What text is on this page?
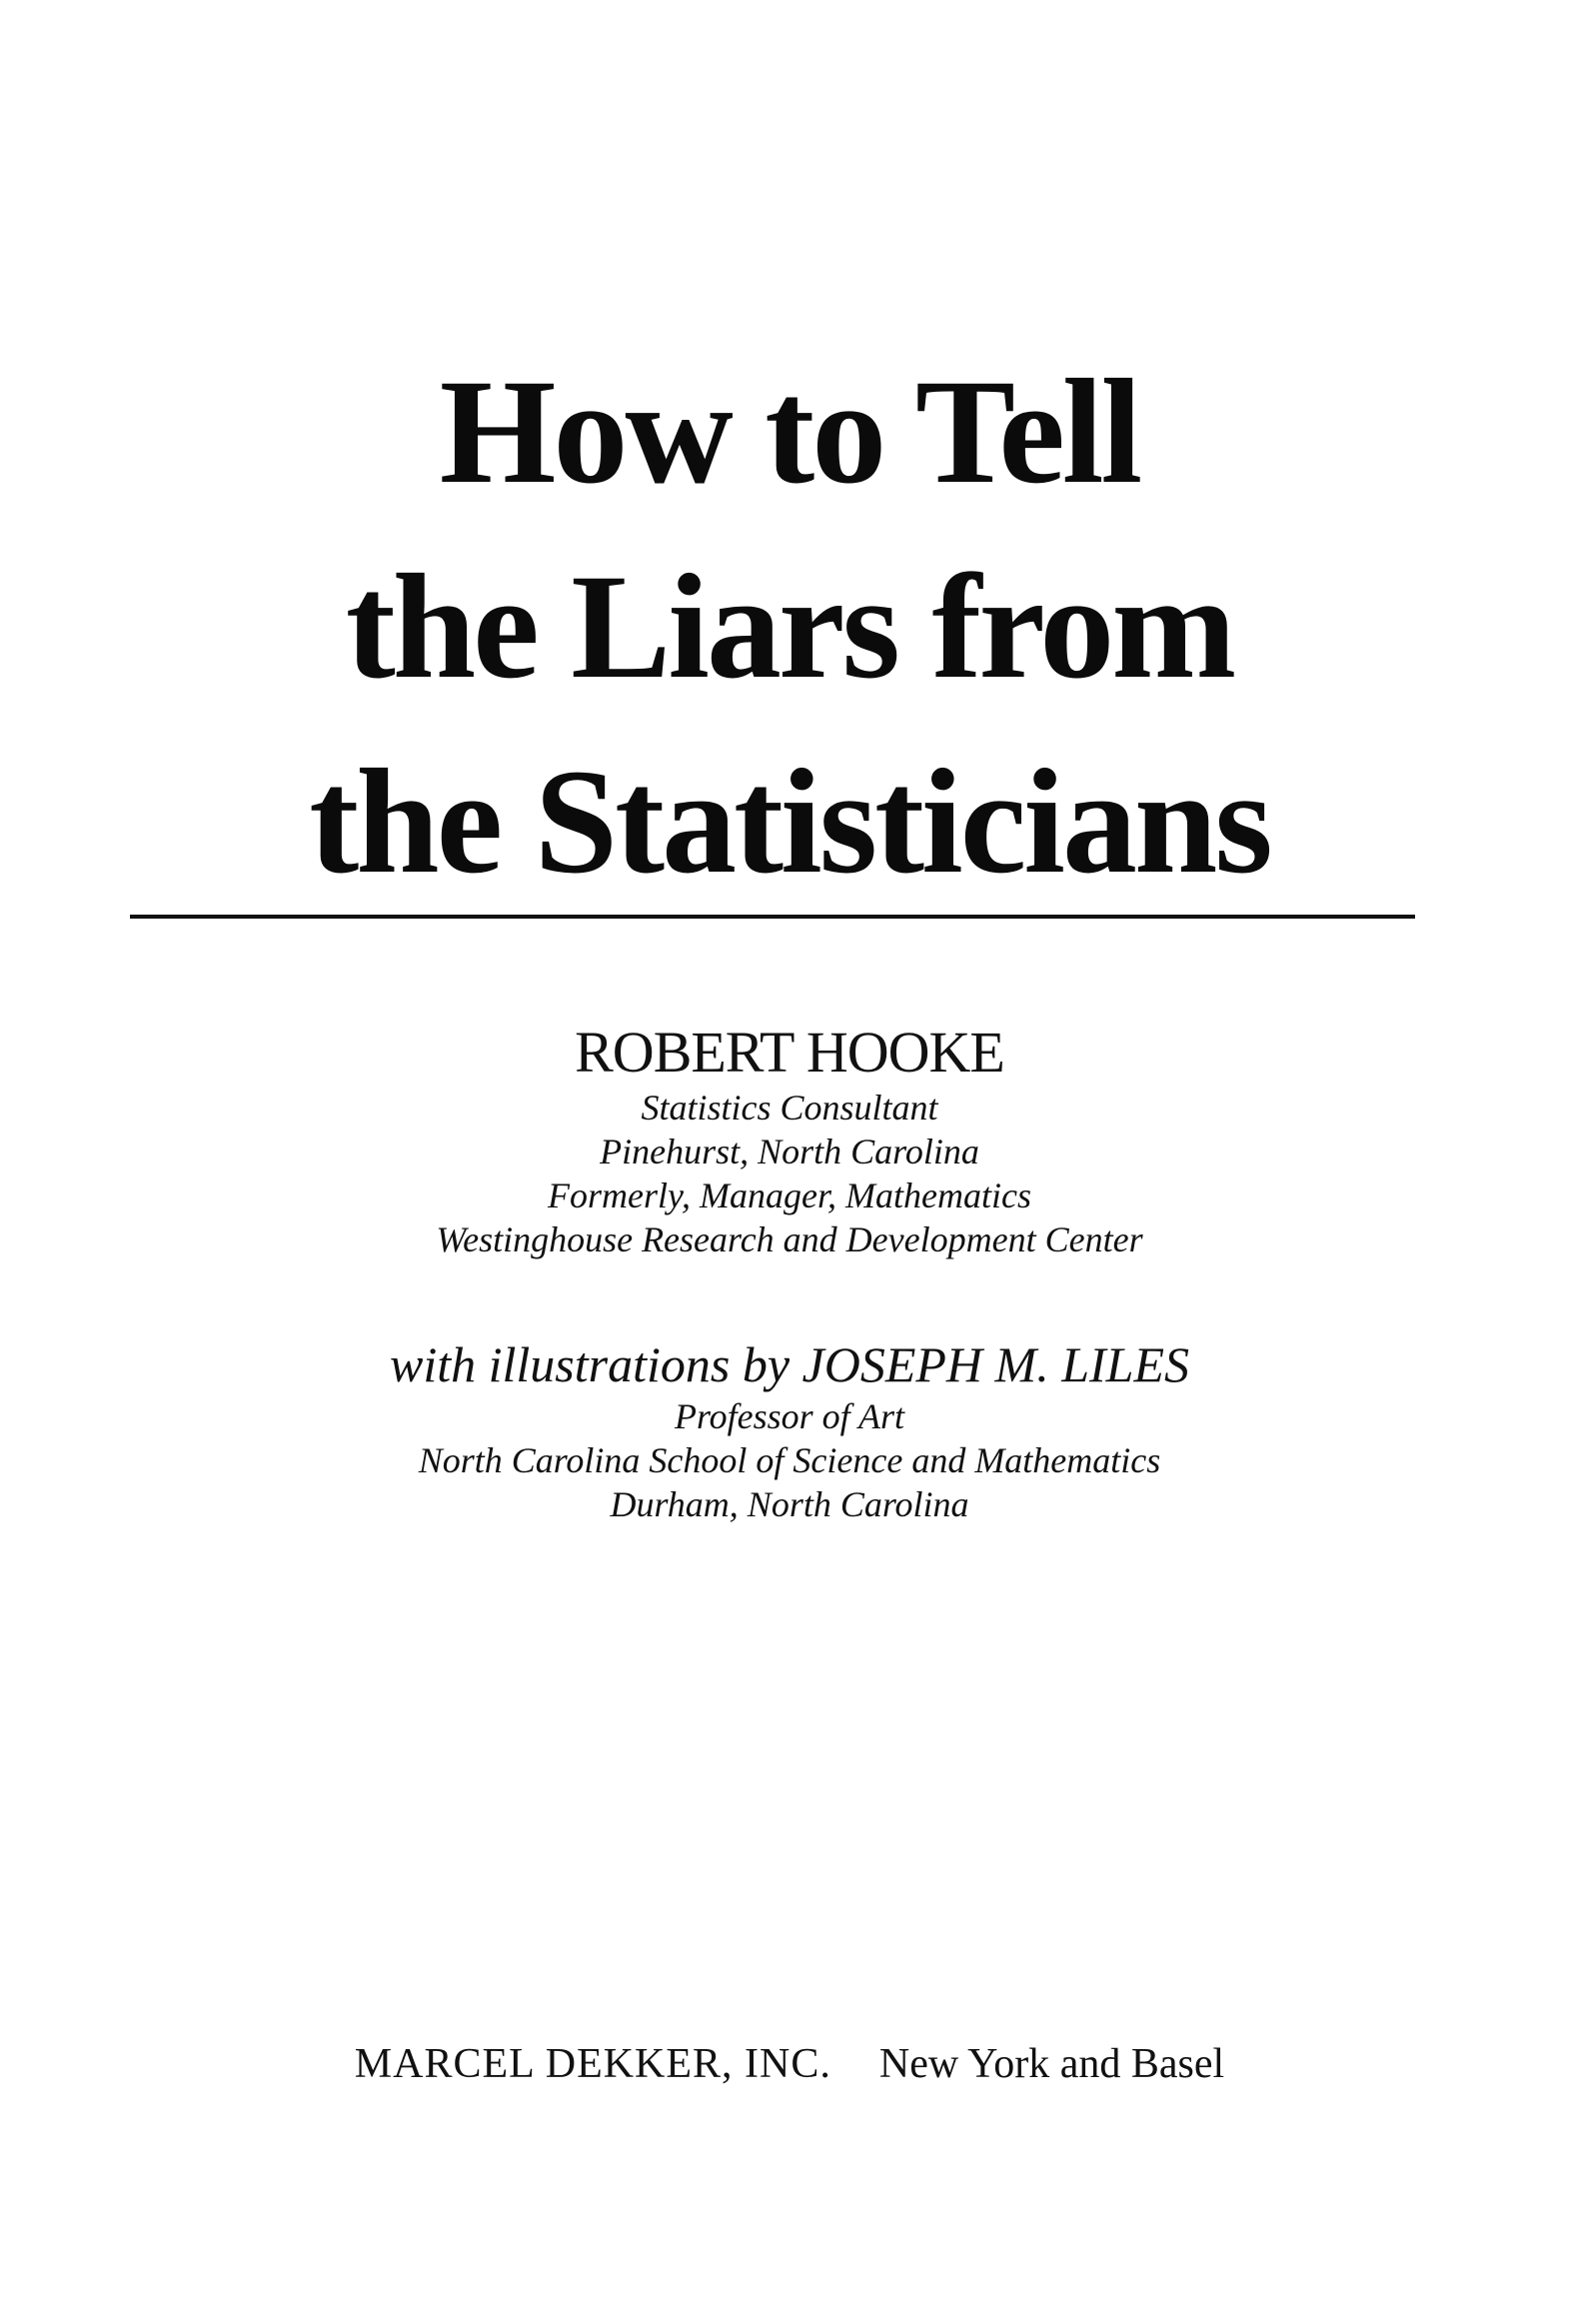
How to Tell
the Liars from
the Statisticians
ROBERT HOOKE
Statistics Consultant
Pinehurst, North Carolina
Formerly, Manager, Mathematics
Westinghouse Research and Development Center
with illustrations by JOSEPH M. LILES
Professor of Art
North Carolina School of Science and Mathematics
Durham, North Carolina
MARCEL DEKKER, INC. New York and Basel
